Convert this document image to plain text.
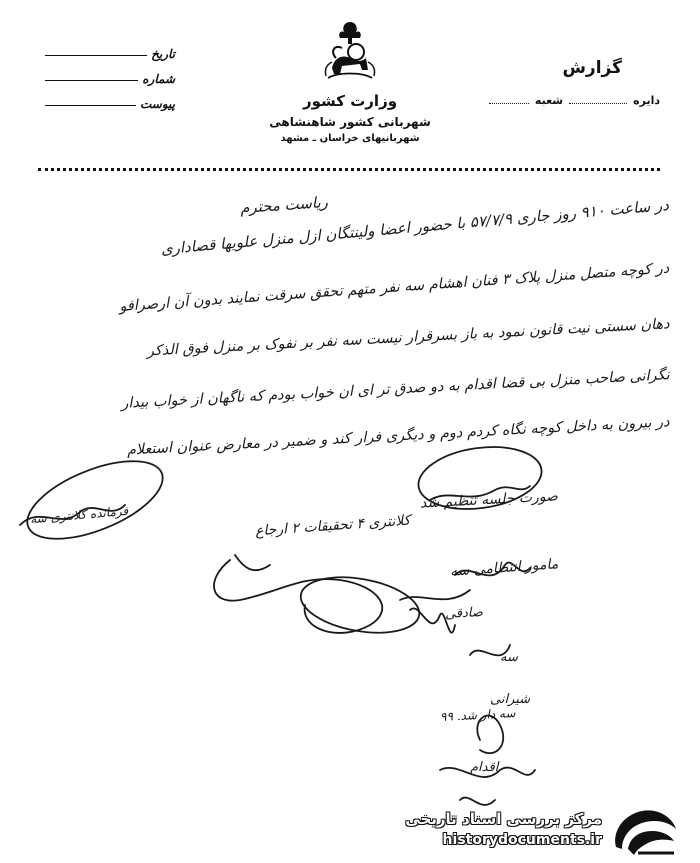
تاریخ
شماره
پیوست	وزارت کشور
شهربانی کشور شاهنشاهی
شهربانیهای خراسان ـ مشهد
گزارش
دایره
شعبه
ریاست محترم
در ساعت ۹۱۰ روز جاری ۵۷/۷/۹ با حضور اعضا ولینتگان ازل منزل علویها قصاداری
در کوچه متصل منزل پلاک ۳ فنان اهشام سه نفر متهم تحقق سرقت نمایند بدون آن ارصرافو
دهان سستی نیت قانون نمود به باز بسرقرار نیست سه نفر بر نفوک بر منزل فوق الذکر
نگرانی صاحب منزل بی قضا اقدام به دو صدق تر ای ان خواب بودم که ناگهان از خواب بیدار
در بیرون به داخل کوچه نگاه کردم دوم و دیگری فرار کند و ضمیر در معارض عنوان استعلام
صورت جلسه تنظیم شد
کلانتری ۴ تحقیقات ۲ ارجاع
فرمانده کلانتری سه
مامور انتظامی سه
صادقی
سه
شیرانی
سه دار شد. ۹۹
اقدام
مرکز بررسی اسناد تاریخی
historydocuments.ir
